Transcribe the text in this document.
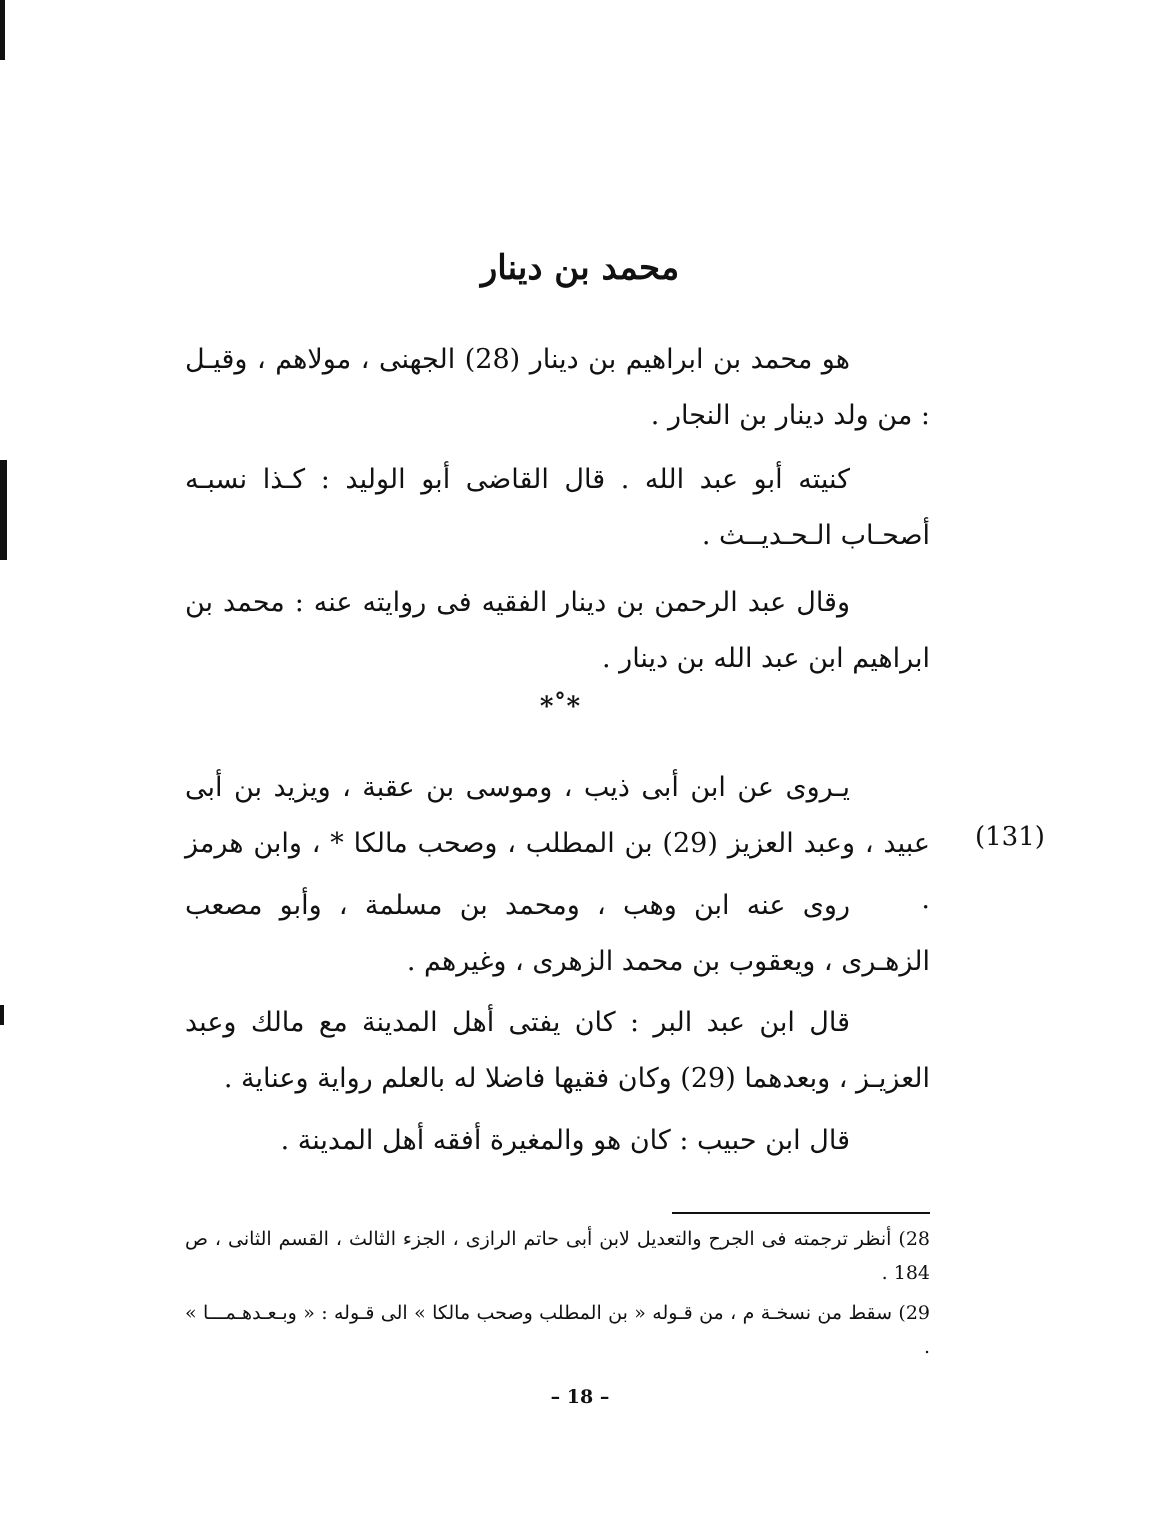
محمد بن دينار

هو محمد بن ابراهيم بن دينار (28) الجهنى ، مولاهم ، وقيـل : من ولد دينار بن النجار .

كنيته أبو عبد الله . قال القاضى أبو الوليد : كـذا نسبـه أصحـاب الـحـديــث .

وقال عبد الرحمن بن دينار الفقيه فى روايته عنه : محمد بن ابراهيم ابن عبد الله بن دينار .

*˚*

يـروى عن ابن أبى ذيب ، وموسى بن عقبة ، ويزيد بن أبى عبيد ، وعبد العزيز (29) بن المطلب ، وصحب مالكا * ، وابن هرمز .

(131)

روى عنه ابن وهب ، ومحمد بن مسلمة ، وأبو مصعب الزهـرى ، ويعقوب بن محمد الزهرى ، وغيرهم .

قال ابن عبد البر : كان يفتى أهل المدينة مع مالك وعبد العزيـز ، وبعدهما (29) وكان فقيها فاضلا له بالعلم رواية وعناية .

قال ابن حبيب : كان هو والمغيرة أفقه أهل المدينة .

28) أنظر ترجمته فى الجرح والتعديل لابن أبى حاتم الرازى ، الجزء الثالث ، القسم الثانى ، ص 184 .

29) سقط من نسخـة م ، من قـوله « بن المطلب وصحب مالكا » الى قـوله : « وبـعـدهـمـــا » .

– 18 –
